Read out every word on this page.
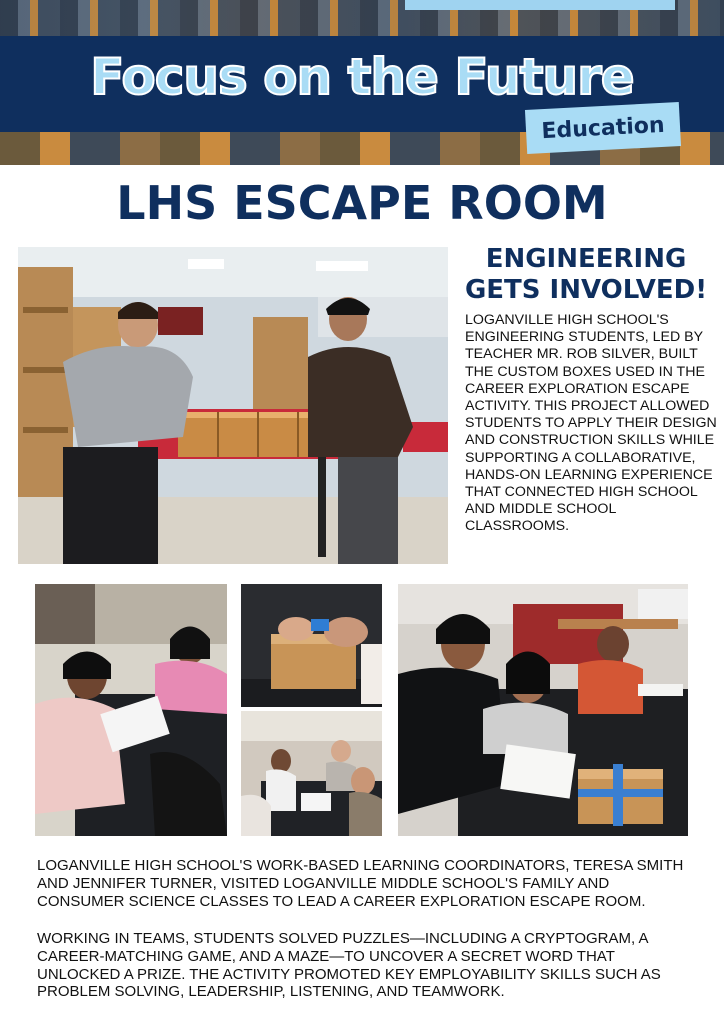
Focus on the Future
Education
LHS ESCAPE ROOM
ENGINEERING GETS INVOLVED!
LOGANVILLE HIGH SCHOOL'S ENGINEERING STUDENTS, LED BY TEACHER MR. ROB SILVER, BUILT THE CUSTOM BOXES USED IN THE CAREER EXPLORATION ESCAPE ACTIVITY. THIS PROJECT ALLOWED STUDENTS TO APPLY THEIR DESIGN AND CONSTRUCTION SKILLS WHILE SUPPORTING A COLLABORATIVE, HANDS-ON LEARNING EXPERIENCE THAT CONNECTED HIGH SCHOOL AND MIDDLE SCHOOL CLASSROOMS.
LOGANVILLE HIGH SCHOOL'S WORK-BASED LEARNING COORDINATORS, TERESA SMITH AND JENNIFER TURNER, VISITED LOGANVILLE MIDDLE SCHOOL'S FAMILY AND CONSUMER SCIENCE CLASSES TO LEAD A CAREER EXPLORATION ESCAPE ROOM.
WORKING IN TEAMS, STUDENTS SOLVED PUZZLES—INCLUDING A CRYPTOGRAM, A CAREER-MATCHING GAME, AND A MAZE—TO UNCOVER A SECRET WORD THAT UNLOCKED A PRIZE. THE ACTIVITY PROMOTED KEY EMPLOYABILITY SKILLS SUCH AS PROBLEM SOLVING, LEADERSHIP, LISTENING, AND TEAMWORK.
